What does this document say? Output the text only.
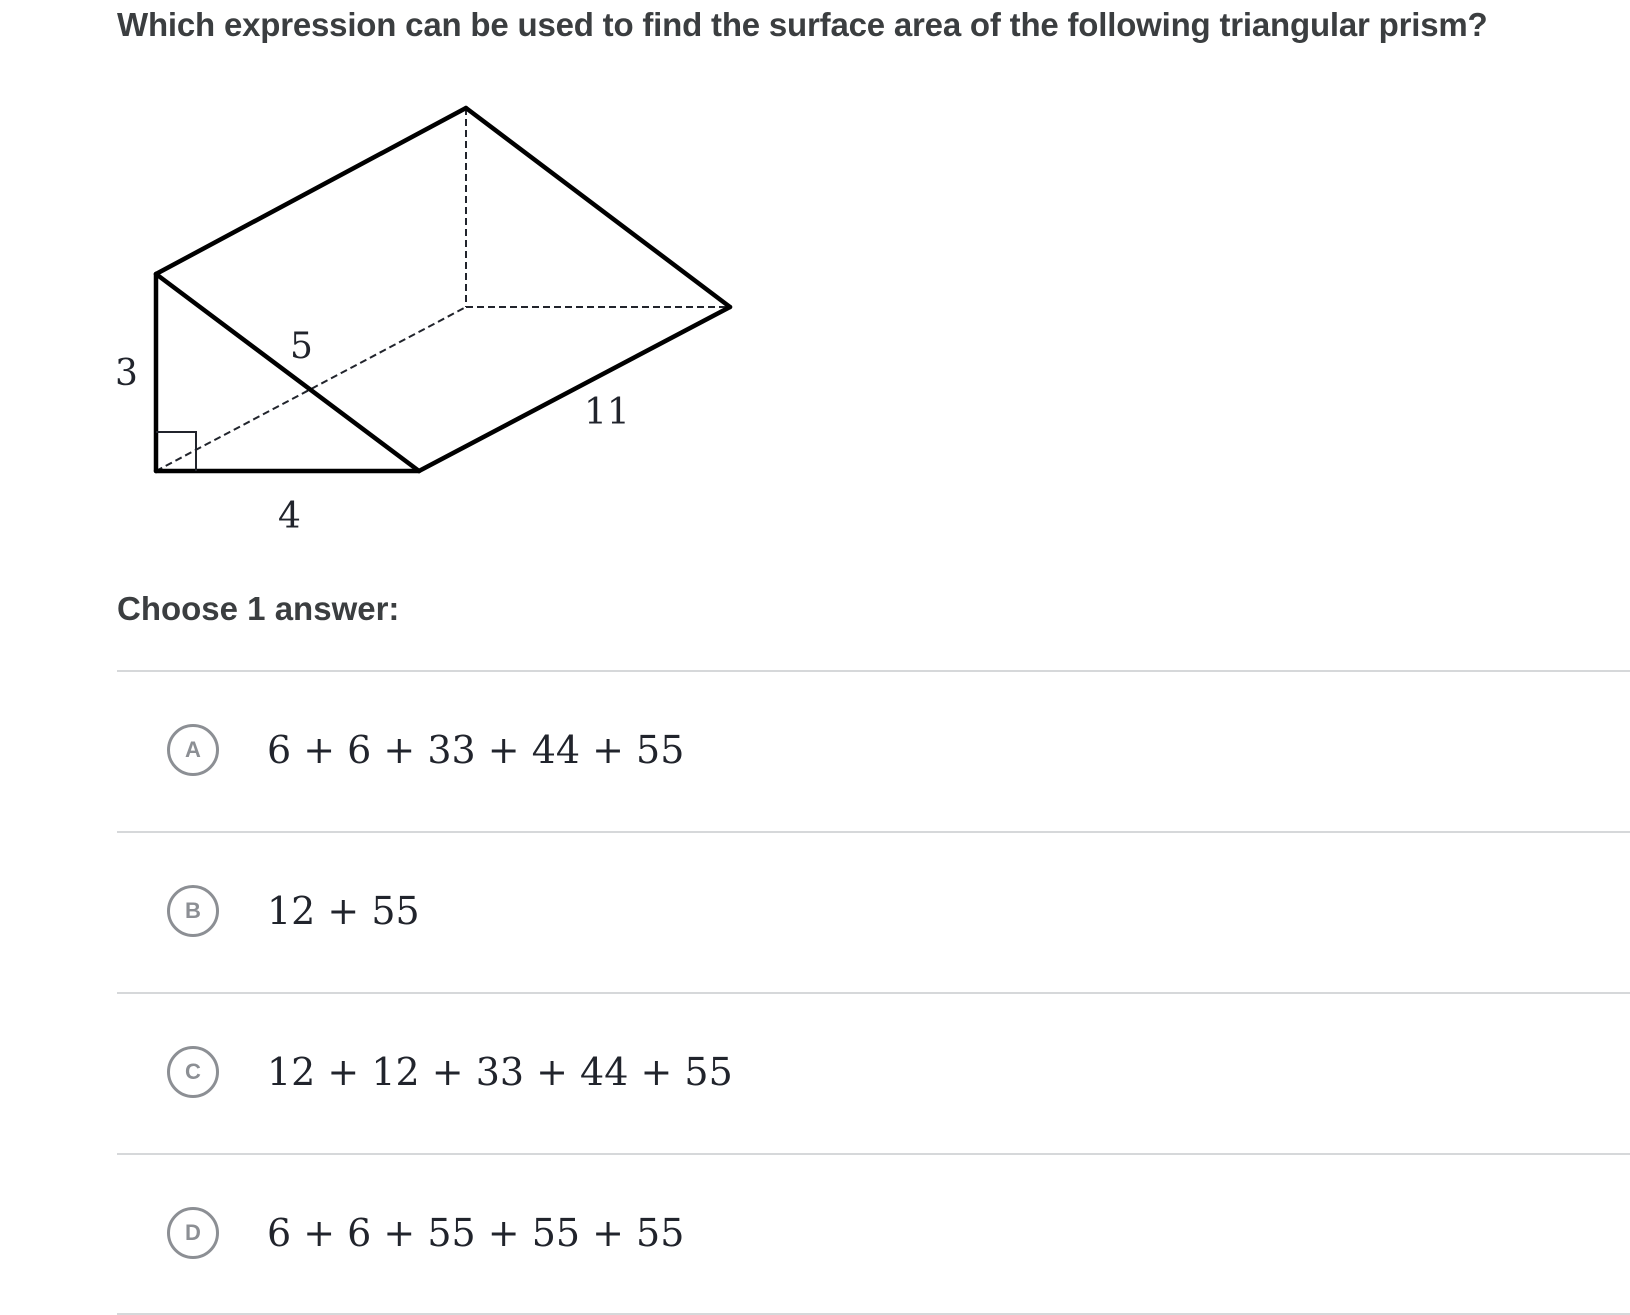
Which expression can be used to find the surface area of the following triangular prism?
3
5
4
11
Choose 1 answer:
A	6 + 6 + 33 + 44 + 55
B	12 + 55
C	12 + 12 + 33 + 44 + 55
D	6 + 6 + 55 + 55 + 55
